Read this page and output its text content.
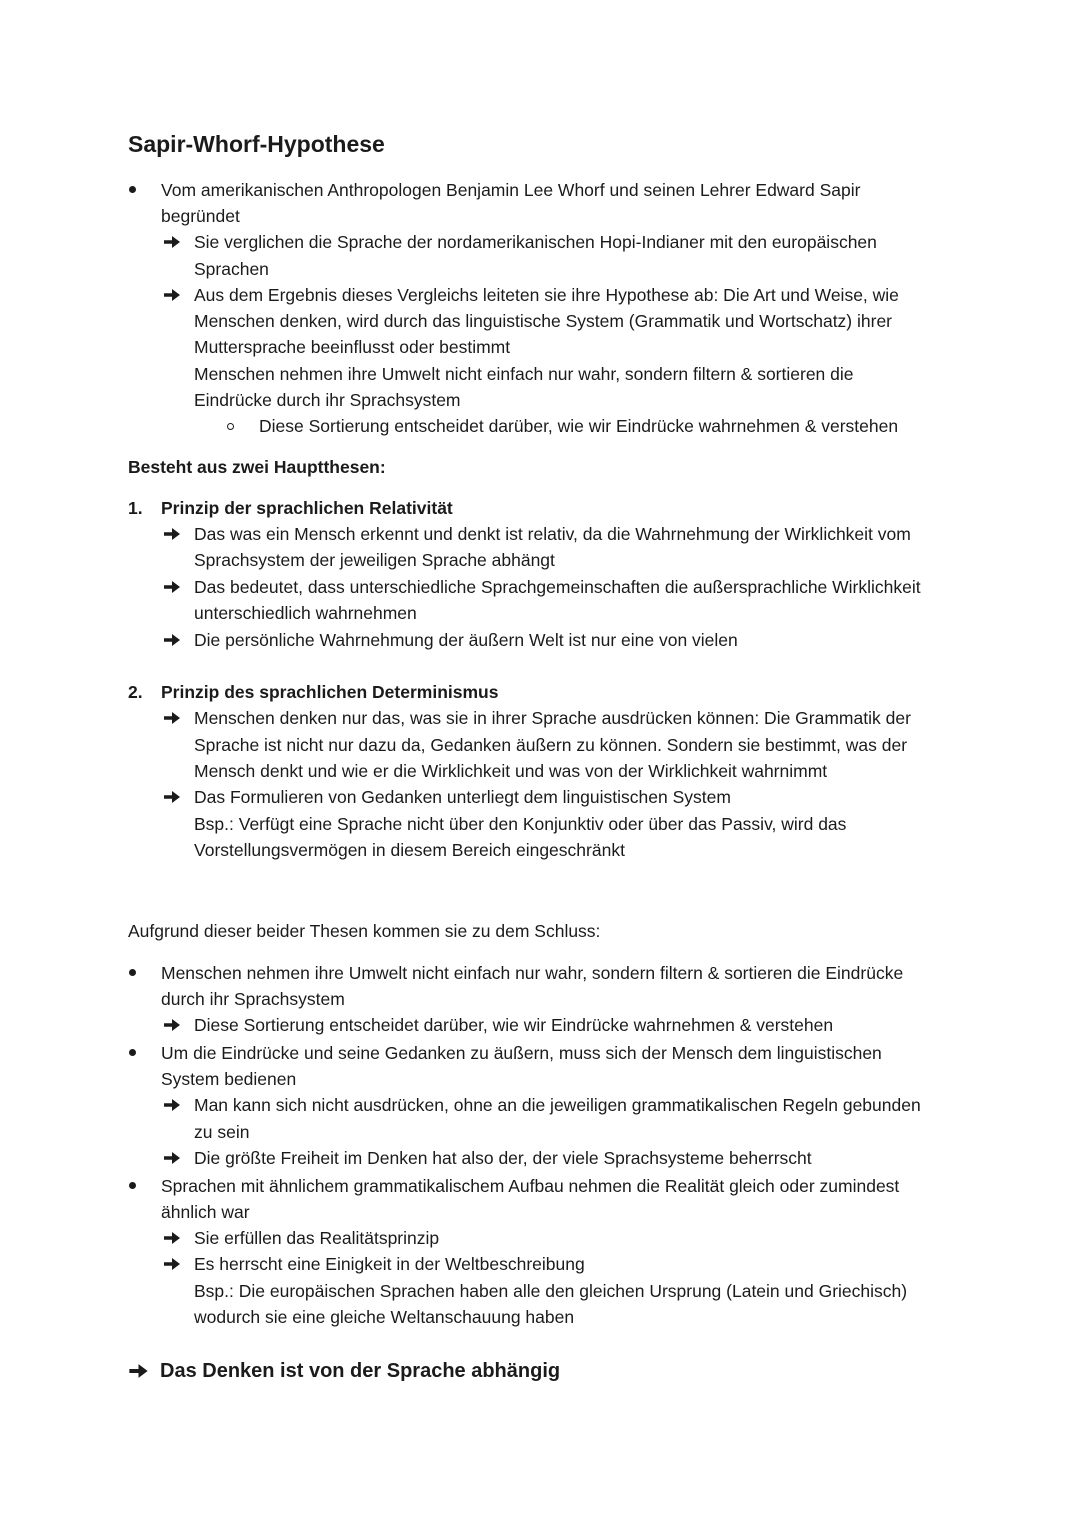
Sapir-Whorf-Hypothese
Vom amerikanischen Anthropologen Benjamin Lee Whorf und seinen Lehrer Edward Sapir
begründet
Sie verglichen die Sprache der nordamerikanischen Hopi-Indianer mit den europäischen
Sprachen
Aus dem Ergebnis dieses Vergleichs leiteten sie ihre Hypothese ab: Die Art und Weise, wie
Menschen denken, wird durch das linguistische System (Grammatik und Wortschatz) ihrer
Muttersprache beeinflusst oder bestimmt
Menschen nehmen ihre Umwelt nicht einfach nur wahr, sondern filtern & sortieren die
Eindrücke durch ihr Sprachsystem
Diese Sortierung entscheidet darüber, wie wir Eindrücke wahrnehmen & verstehen
Besteht aus zwei Hauptthesen:
1. Prinzip der sprachlichen Relativität
Das was ein Mensch erkennt und denkt ist relativ, da die Wahrnehmung der Wirklichkeit vom
Sprachsystem der jeweiligen Sprache abhängt
Das bedeutet, dass unterschiedliche Sprachgemeinschaften die außersprachliche Wirklichkeit
unterschiedlich wahrnehmen
Die persönliche Wahrnehmung der äußern Welt ist nur eine von vielen
2. Prinzip des sprachlichen Determinismus
Menschen denken nur das, was sie in ihrer Sprache ausdrücken können: Die Grammatik der
Sprache ist nicht nur dazu da, Gedanken äußern zu können. Sondern sie bestimmt, was der
Mensch denkt und wie er die Wirklichkeit und was von der Wirklichkeit wahrnimmt
Das Formulieren von Gedanken unterliegt dem linguistischen System
Bsp.: Verfügt eine Sprache nicht über den Konjunktiv oder über das Passiv, wird das
Vorstellungsvermögen in diesem Bereich eingeschränkt
Aufgrund dieser beider Thesen kommen sie zu dem Schluss:
Menschen nehmen ihre Umwelt nicht einfach nur wahr, sondern filtern & sortieren die Eindrücke
durch ihr Sprachsystem
Diese Sortierung entscheidet darüber, wie wir Eindrücke wahrnehmen & verstehen
Um die Eindrücke und seine Gedanken zu äußern, muss sich der Mensch dem linguistischen
System bedienen
Man kann sich nicht ausdrücken, ohne an die jeweiligen grammatikalischen Regeln gebunden
zu sein
Die größte Freiheit im Denken hat also der, der viele Sprachsysteme beherrscht
Sprachen mit ähnlichem grammatikalischem Aufbau nehmen die Realität gleich oder zumindest
ähnlich war
Sie erfüllen das Realitätsprinzip
Es herrscht eine Einigkeit in der Weltbeschreibung
Bsp.: Die europäischen Sprachen haben alle den gleichen Ursprung (Latein und Griechisch)
wodurch sie eine gleiche Weltanschauung haben
Das Denken ist von der Sprache abhängig
